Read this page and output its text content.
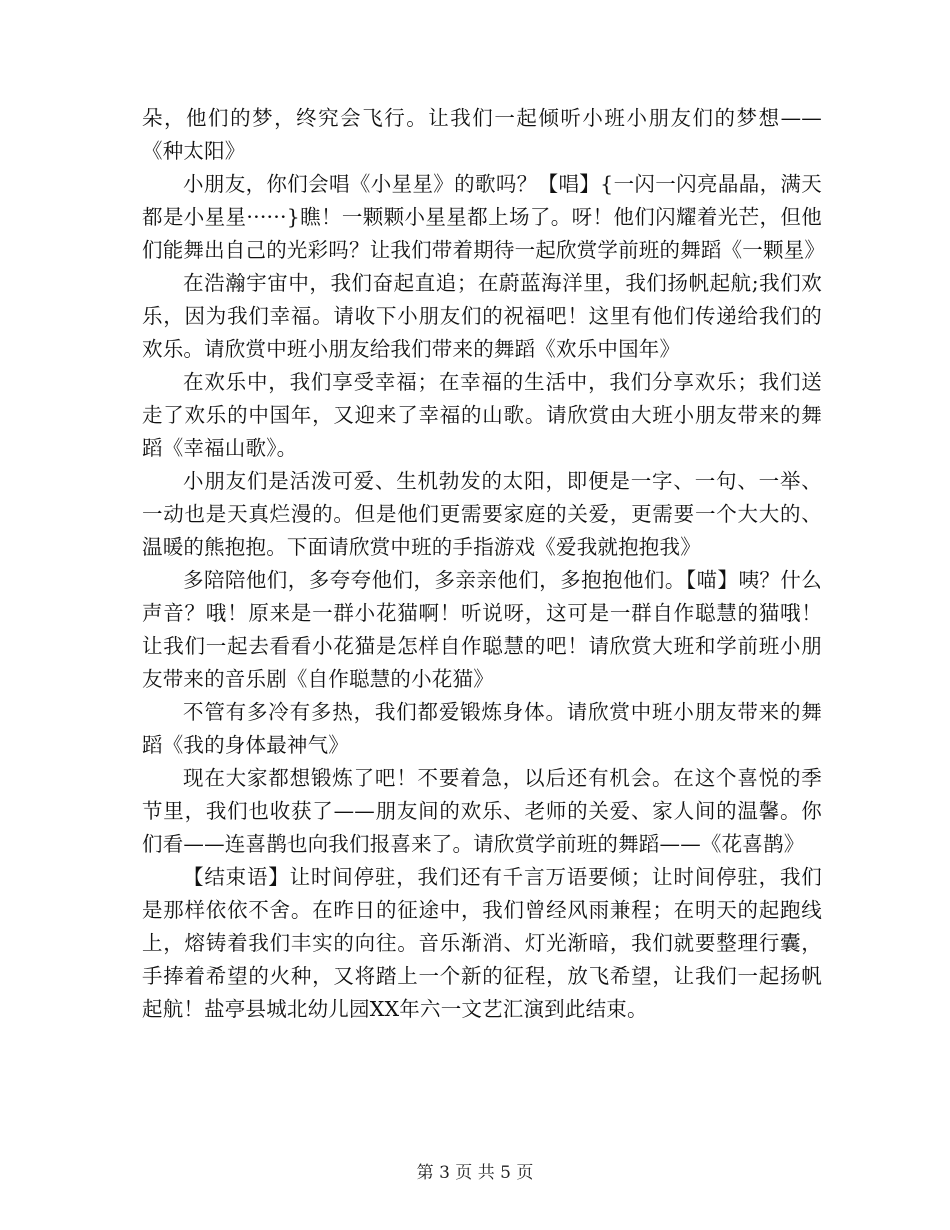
朵，他们的梦，终究会飞行。让我们一起倾听小班小朋友们的梦想——《种太阳》

小朋友，你们会唱《小星星》的歌吗？【唱】{一闪一闪亮晶晶，满天都是小星星······}瞧！一颗颗小星星都上场了。呀！他们闪耀着光芒，但他们能舞出自己的光彩吗？让我们带着期待一起欣赏学前班的舞蹈《一颗星》

在浩瀚宇宙中，我们奋起直追；在蔚蓝海洋里，我们扬帆起航;我们欢乐，因为我们幸福。请收下小朋友们的祝福吧！这里有他们传递给我们的欢乐。请欣赏中班小朋友给我们带来的舞蹈《欢乐中国年》

在欢乐中，我们享受幸福；在幸福的生活中，我们分享欢乐；我们送走了欢乐的中国年，又迎来了幸福的山歌。请欣赏由大班小朋友带来的舞蹈《幸福山歌》。

小朋友们是活泼可爱、生机勃发的太阳，即便是一字、一句、一举、一动也是天真烂漫的。但是他们更需要家庭的关爱，更需要一个大大的、温暖的熊抱抱。下面请欣赏中班的手指游戏《爱我就抱抱我》

多陪陪他们，多夸夸他们，多亲亲他们，多抱抱他们。【喵】咦？什么声音？哦！原来是一群小花猫啊！听说呀，这可是一群自作聪慧的猫哦！让我们一起去看看小花猫是怎样自作聪慧的吧！请欣赏大班和学前班小朋友带来的音乐剧《自作聪慧的小花猫》

不管有多冷有多热，我们都爱锻炼身体。请欣赏中班小朋友带来的舞蹈《我的身体最神气》

现在大家都想锻炼了吧！不要着急，以后还有机会。在这个喜悦的季节里，我们也收获了——朋友间的欢乐、老师的关爱、家人间的温馨。你们看——连喜鹊也向我们报喜来了。请欣赏学前班的舞蹈——《花喜鹊》

【结束语】让时间停驻，我们还有千言万语要倾；让时间停驻，我们是那样依依不舍。在昨日的征途中，我们曾经风雨兼程；在明天的起跑线上，熔铸着我们丰实的向往。音乐渐消、灯光渐暗，我们就要整理行囊，手捧着希望的火种，又将踏上一个新的征程，放飞希望，让我们一起扬帆起航！盐亭县城北幼儿园XX年六一文艺汇演到此结束。

第 3 页 共 5 页
